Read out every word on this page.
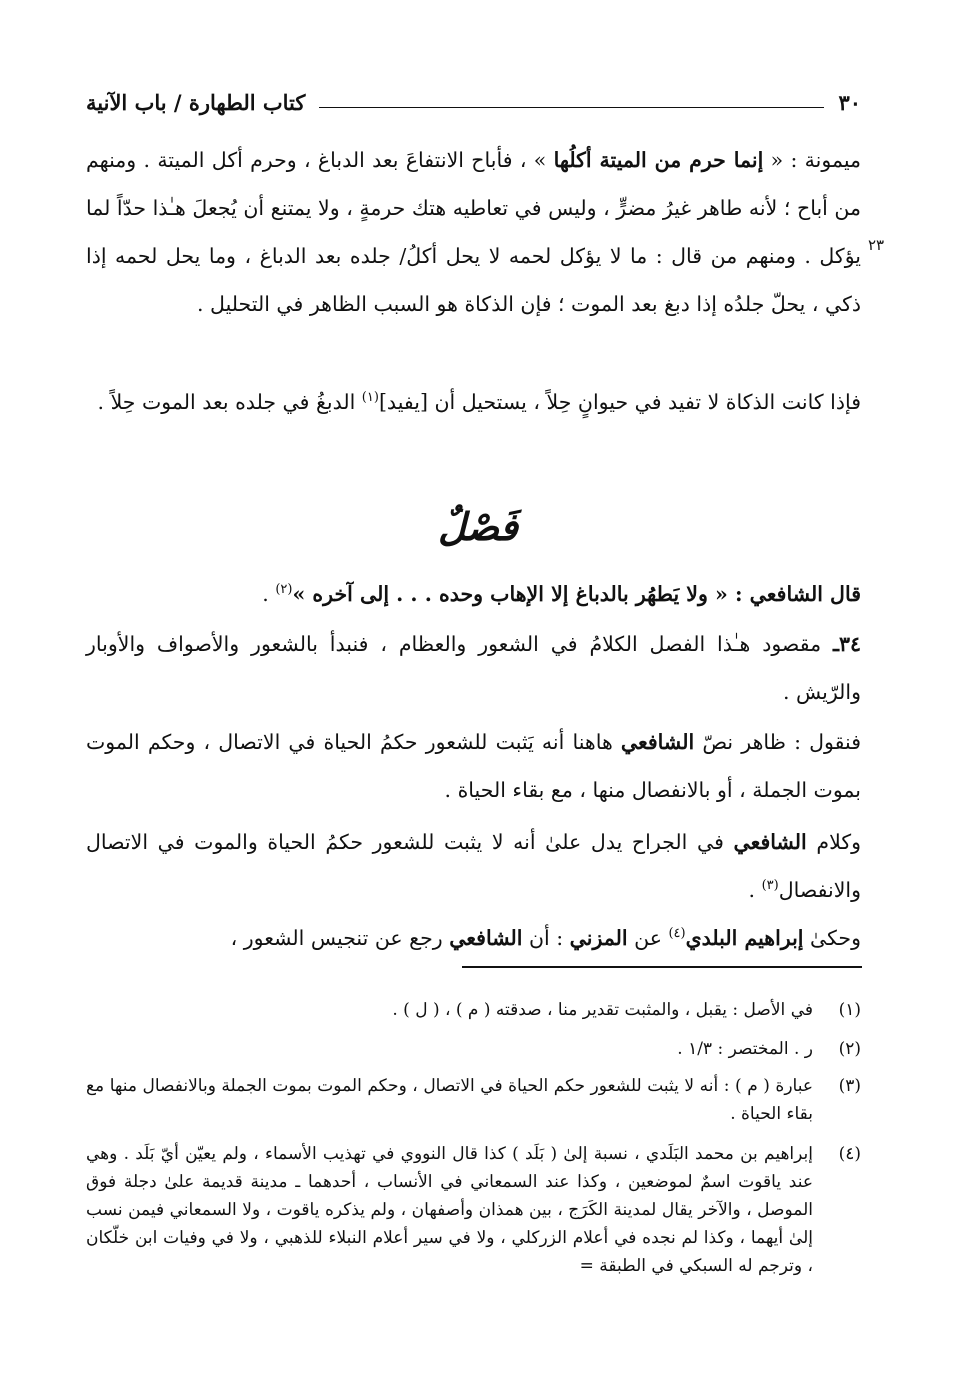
٣٠
كتاب الطهارة / باب الآنية
ميمونة : « إنما حرم من الميتة أكلُها » ، فأباح الانتفاعَ بعد الدباغ ، وحرم أكل الميتة . ومنهم من أباح ؛ لأنه طاهر غيرُ مضرٍّ ، وليس في تعاطيه هتك حرمةٍ ، ولا يمتنع أن يُجعلَ هـٰذا حدّاً لما يؤكل . ومنهم من قال : ما لا يؤكل لحمه لا يحل أكلُ/ جلده بعد الدباغ ، وما يحل لحمه إذا ذكي ، يحلّ جلدُه إذا دبغ بعد الموت ؛ فإن الذكاة هو السبب الظاهر في التحليل .
٢٣
فإذا كانت الذكاة لا تفيد في حيوانٍ حِلاً ، يستحيل أن [يفيد]$^{(١)}$ الدبغُ في جلده بعد الموت حِلاً .
فَصْلٌ
قال الشافعي : « ولا يَطهُر بالدباغ إلا الإهاب وحده . . . إلى آخره »$^{(٢)}$ .
٣٤ـ مقصود هـٰذا الفصل الكلامُ في الشعور والعظام ، فنبدأ بالشعور والأصواف والأوبار والرّيش .
فنقول : ظاهر نصّ الشافعي هاهنا أنه يَثبت للشعور حكمُ الحياة في الاتصال ، وحكم الموت بموت الجملة ، أو بالانفصال منها ، مع بقاء الحياة .
وكلام الشافعي في الجراح يدل علىٰ أنه لا يثبت للشعور حكمُ الحياة والموت في الاتصال والانفصال$^{(٣)}$ .
وحكىٰ إبراهيم البلدي$^{(٤)}$ عن المزني : أن الشافعي رجع عن تنجيس الشعور ،
(١)
في الأصل : يقبل ، والمثبت تقدير منا ، صدقته ( م ) ، ( ل ) .
(٢)
ر . المختصر : ١/٣ .
(٣)
عبارة ( م ) : أنه لا يثبت للشعور حكم الحياة في الاتصال ، وحكم الموت بموت الجملة وبالانفصال منها مع بقاء الحياة .
(٤)
إبراهيم بن محمد البَلَدي ، نسبة إلىٰ ( بَلَد ) كذا قال النووي في تهذيب الأسماء ، ولم يعيّن أيّ بَلَد . وهي عند ياقوت اسمٌ لموضعين ، وكذا عند السمعاني في الأنساب ، أحدهما ـ مدينة قديمة علىٰ دجلة فوق الموصل ، والآخر يقال لمدينة الكَرَج ، بين همذان وأصفهان ، ولم يذكره ياقوت ، ولا السمعاني فيمن نسب إلىٰ أيهما ، وكذا لم نجده في أعلام الزركلي ، ولا في سير أعلام النبلاء للذهبي ، ولا في وفيات ابن خلّكان ، وترجم له السبكي في الطبقة =
